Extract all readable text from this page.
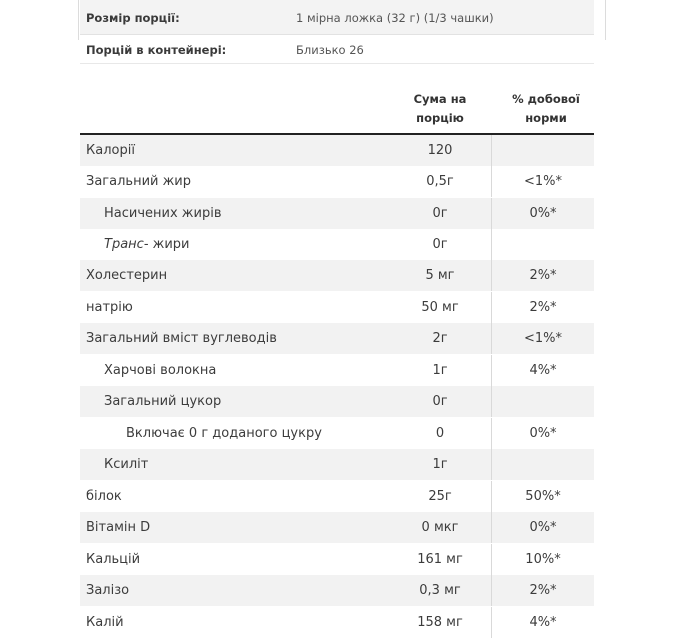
Розмір порції:	1 мірна ложка (32 г) (1/3 чашки)
Порцій в контейнері:	Близько 26
Сума на
порцію
% добової
норми
Калорії	120
Загальний жир	0,5г	<1%*
Насичених жирів	0г	0%*
Транс- жири	0г
Холестерин	5 мг	2%*
натрію	50 мг	2%*
Загальний вміст вуглеводів	2г	<1%*
Харчові волокна	1г	4%*
Загальний цукор	0г
Включає 0 г доданого цукру	0	0%*
Ксиліт	1г
білок	25г	50%*
Вітамін D	0 мкг	0%*
Кальцій	161 мг	10%*
Залізо	0,3 мг	2%*
Калій	158 мг	4%*
